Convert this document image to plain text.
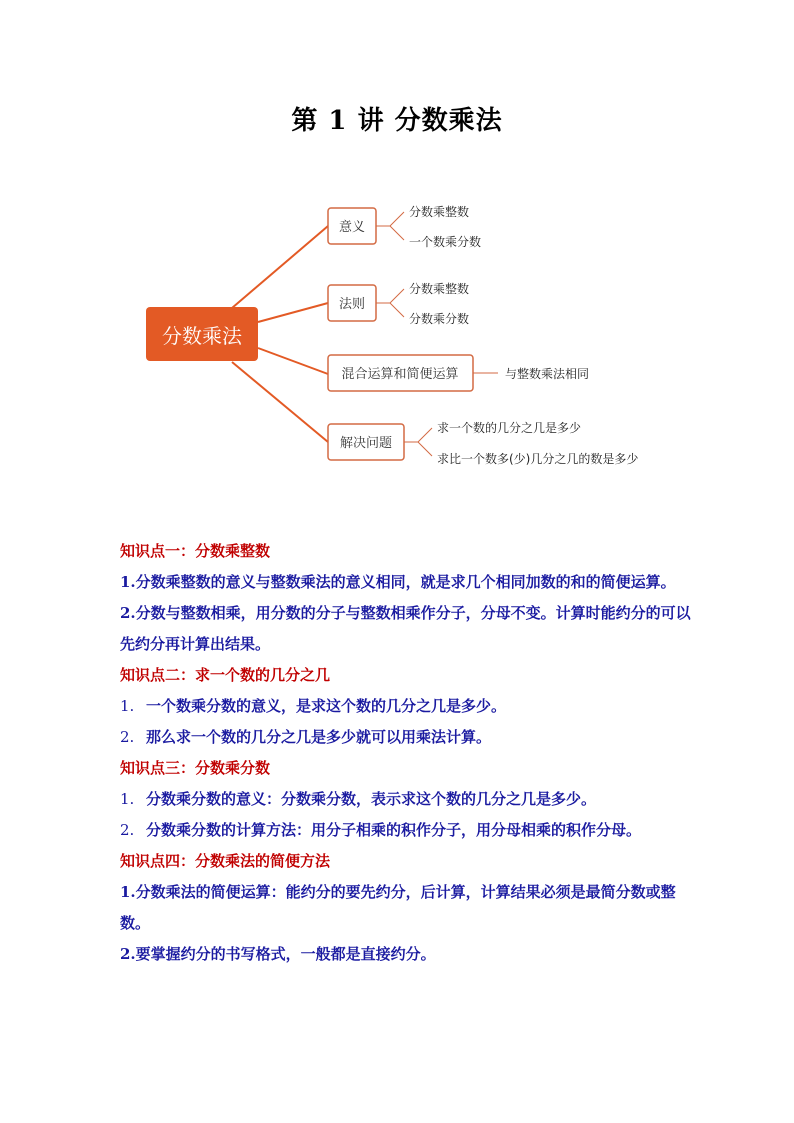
第 1 讲 分数乘法
分数乘法
意义
分数乘整数
一个数乘分数
法则
分数乘整数
分数乘分数
混合运算和简便运算	与整数乘法相同
解决问题
求一个数的几分之几是多少
求比一个数多(少)几分之几的数是多少

知识点一：分数乘整数

1.分数乘整数的意义与整数乘法的意义相同，就是求几个相同加数的和的简便运算。

2.分数与整数相乘，用分数的分子与整数相乘作分子，分母不变。计算时能约分的可以先约分再计算出结果。

知识点二：求一个数的几分之几

1. 一个数乘分数的意义，是求这个数的几分之几是多少。

2. 那么求一个数的几分之几是多少就可以用乘法计算。

知识点三：分数乘分数

1. 分数乘分数的意义：分数乘分数，表示求这个数的几分之几是多少。

2. 分数乘分数的计算方法：用分子相乘的积作分子，用分母相乘的积作分母。

知识点四：分数乘法的简便方法

1.分数乘法的简便运算：能约分的要先约分，后计算，计算结果必须是最简分数或整数。

2.要掌握约分的书写格式，一般都是直接约分。
